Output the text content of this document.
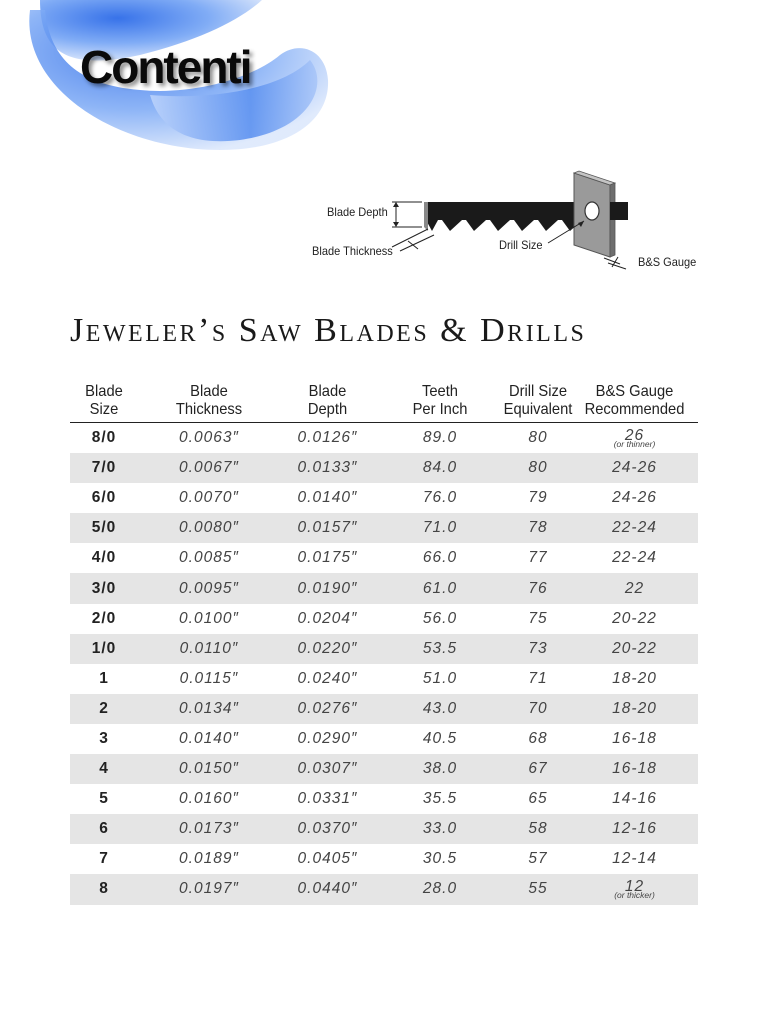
Contenti
Blade Depth
Blade Thickness	Drill Size
B&S Gauge
Jeweler’s Saw Blades & Drills
Blade
Size
Blade
Thickness
Blade
Depth
Teeth
Per Inch
Drill Size
Equivalent
B&S Gauge
Recommended
8/0	0.0063″	0.0126″	89.0	80	26
(or thinner)
7/0	0.0067″	0.0133″	84.0	80	24-26
6/0	0.0070″	0.0140″	76.0	79	24-26
5/0	0.0080″	0.0157″	71.0	78	22-24
4/0	0.0085″	0.0175″	66.0	77	22-24
3/0	0.0095″	0.0190″	61.0	76	22
2/0	0.0100″	0.0204″	56.0	75	20-22
1/0	0.0110″	0.0220″	53.5	73	20-22
1	0.0115″	0.0240″	51.0	71	18-20
2	0.0134″	0.0276″	43.0	70	18-20
3	0.0140″	0.0290″	40.5	68	16-18
4	0.0150″	0.0307″	38.0	67	16-18
5	0.0160″	0.0331″	35.5	65	14-16
6	0.0173″	0.0370″	33.0	58	12-16
7	0.0189″	0.0405″	30.5	57	12-14
8	0.0197″	0.0440″	28.0	55	12
(or thicker)
